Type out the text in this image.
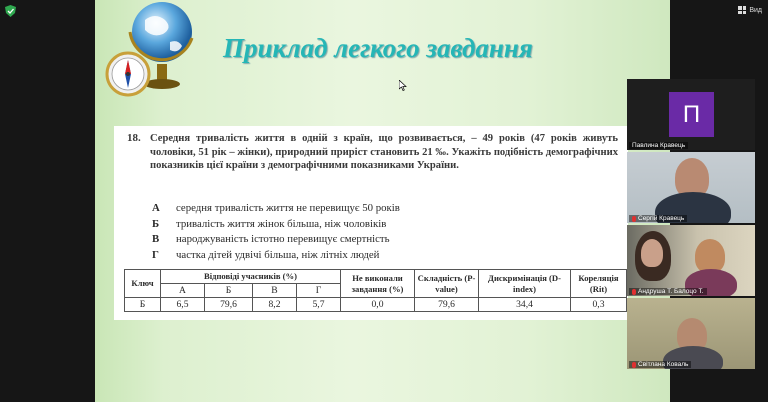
Вид
Приклад легкого завдання
18. Середня тривалість життя в одній з країн, що розвивається, – 49 років (47 років живуть чоловіки, 51 рік – жінки), природний приріст становить 21 ‰. Укажіть подібність демографічних показників цієї країни з демографічними показниками України.
А	середня тривалість життя не перевищує 50 років
Б	тривалість життя жінок більша, ніж чоловіків
В	народжуваність істотно перевищує смертність
Г	частка дітей удвічі більша, ніж літніх людей
Ключ	Відповіді учасників (%)				Не виконали завдання (%)	Складність (P-value)	Дискримінація (D-index)	Кореляція (Rit)
	А	Б	В	Г				
Б	6,5	79,6	8,2	5,7	0,0	79,6	34,4	0,3
П
Павлина Кравець
Сергій Кравець
Андруша Т. Балоцо Т.
Світлана Коваль
